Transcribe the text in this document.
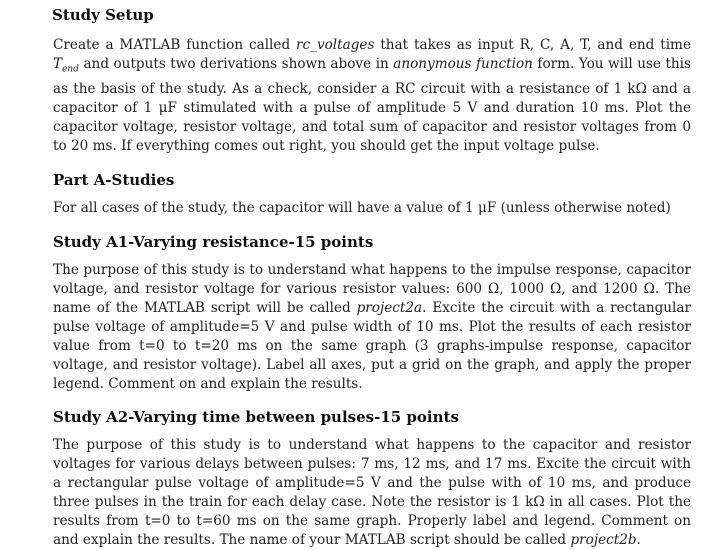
Study Setup

Create a MATLAB function called rc_voltages that takes as input R, C, A, T, and end time $T_{end}$ and outputs two derivations shown above in anonymous function form. You will use this as the basis of the study. As a check, consider a RC circuit with a resistance of 1 kΩ and a capacitor of 1 μF stimulated with a pulse of amplitude 5 V and duration 10 ms. Plot the capacitor voltage, resistor voltage, and total sum of capacitor and resistor voltages from 0 to 20 ms. If everything comes out right, you should get the input voltage pulse.

Part A-Studies

For all cases of the study, the capacitor will have a value of 1 μF (unless otherwise noted)

Study A1-Varying resistance-15 points

The purpose of this study is to understand what happens to the impulse response, capacitor voltage, and resistor voltage for various resistor values: 600 Ω, 1000 Ω, and 1200 Ω. The name of the MATLAB script will be called project2a. Excite the circuit with a rectangular pulse voltage of amplitude=5 V and pulse width of 10 ms. Plot the results of each resistor value from t=0 to t=20 ms on the same graph (3 graphs-impulse response, capacitor voltage, and resistor voltage). Label all axes, put a grid on the graph, and apply the proper legend. Comment on and explain the results.

Study A2-Varying time between pulses-15 points

The purpose of this study is to understand what happens to the capacitor and resistor voltages for various delays between pulses: 7 ms, 12 ms, and 17 ms. Excite the circuit with a rectangular pulse voltage of amplitude=5 V and the pulse with of 10 ms, and produce three pulses in the train for each delay case. Note the resistor is 1 kΩ in all cases. Plot the results from t=0 to t=60 ms on the same graph. Properly label and legend. Comment on and explain the results. The name of your MATLAB script should be called project2b.
